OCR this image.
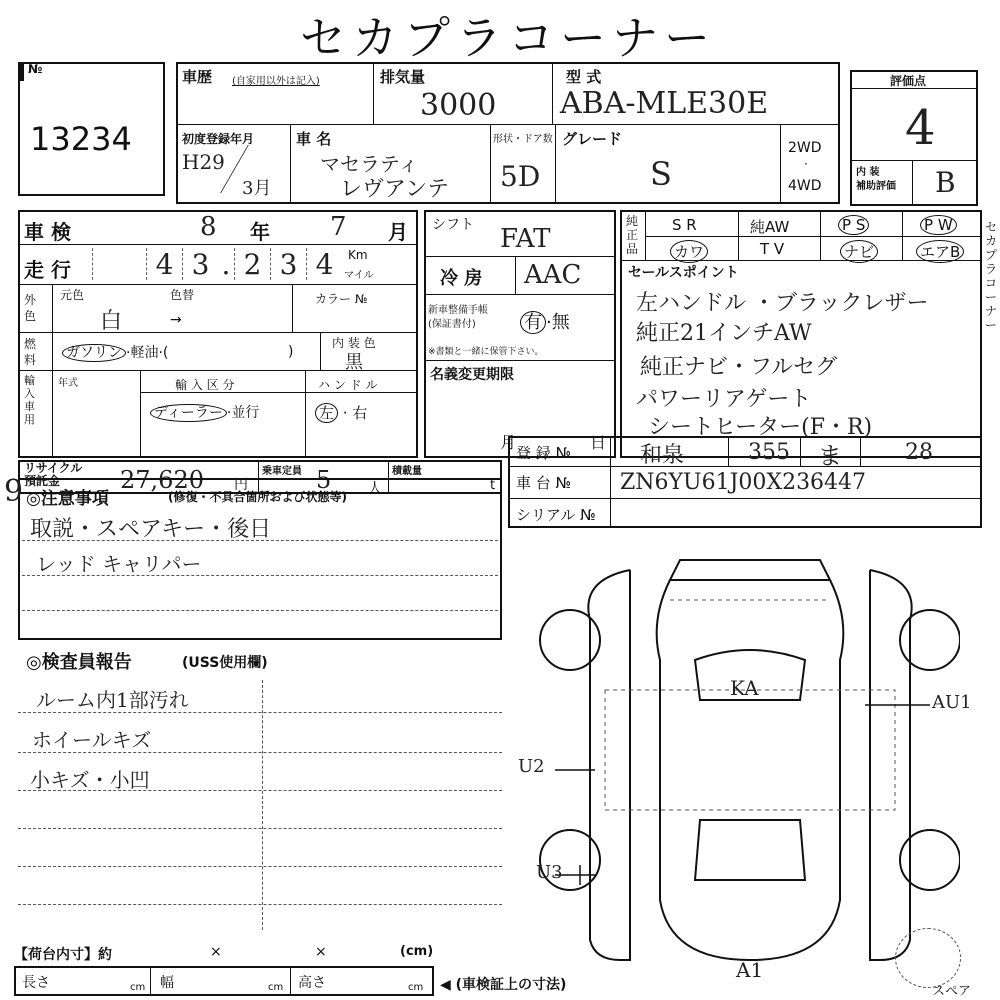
セカプラコーナー
№
13234
車歴 (自家用以外は記入)	排気量
3000
型 式
ABA-MLE30E
初度登録年月
H29
3月
車 名
マセラティ
レヴアンテ
形状・ドア数
5D
グレード
S
2WD
·
4WD
評価点
4
内 装
補助評価 B
車 検	8 年 7 月
走 行	4 3 . 2 3 4	Km
マイル
外色
元色
白
色替
→
カラー №
燃料	ガソリン ·軽油·(	)
内 装 色
黒
輸入車用
年式	輸 入 区 分
ディーラー ·並行
ハ ン ド ル
左 · 右
シフト FAT
冷 房 AAC
新車整備手帳
(保証書付)	有 ·無
※書類と一緒に保管下さい。
名義変更期限
月	日
純正品
S R	純AW	P S	P W
カワ	T V	ナビ	エアB
セールスポイント
左ハンドル ・ブラックレザー
純正21インチAW
純正ナビ・フルセグ
パワーリアゲート
シートヒーター(F・R)
リサイクル
預託金	27,620 円
乗車定員 5	人
積載量
t
登 録 №	和泉	355 ま	28
車 台 № ZN6YU61J00X236447
シリアル №
◎注意事項	(修復・不具合箇所および状態等)
9
取説・スペアキー・後日
レッド キャリパー
◎検査員報告	(USS使用欄)
ルーム内1部汚れ
ホイールキズ
小キズ・小凹
KA
AU1
U2
U3
A1
スペア
【荷台内寸】約	×	×	(cm)
長さ	cm 幅	cm 高さ	cm ◀ (車検証上の寸法)
セカプラコーナー
